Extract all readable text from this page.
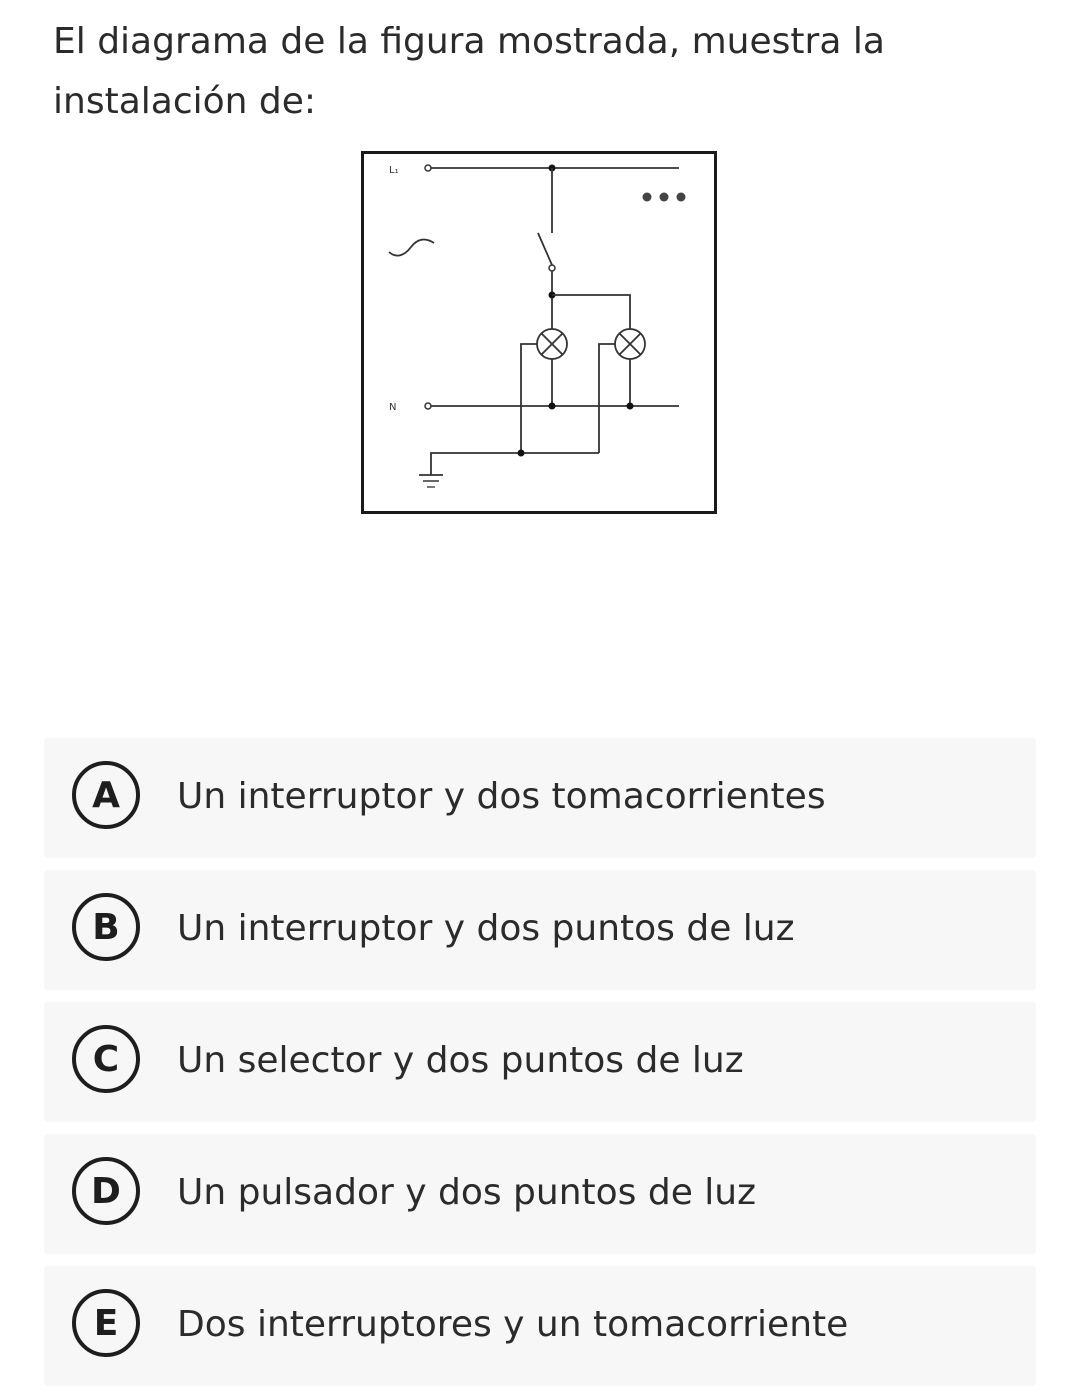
El diagrama de la figura mostrada, muestra la instalación de:
L₁
N
A	Un interruptor y dos tomacorrientes
B	Un interruptor y dos puntos de luz
C	Un selector y dos puntos de luz
D	Un pulsador y dos puntos de luz
E	Dos interruptores y un tomacorriente
